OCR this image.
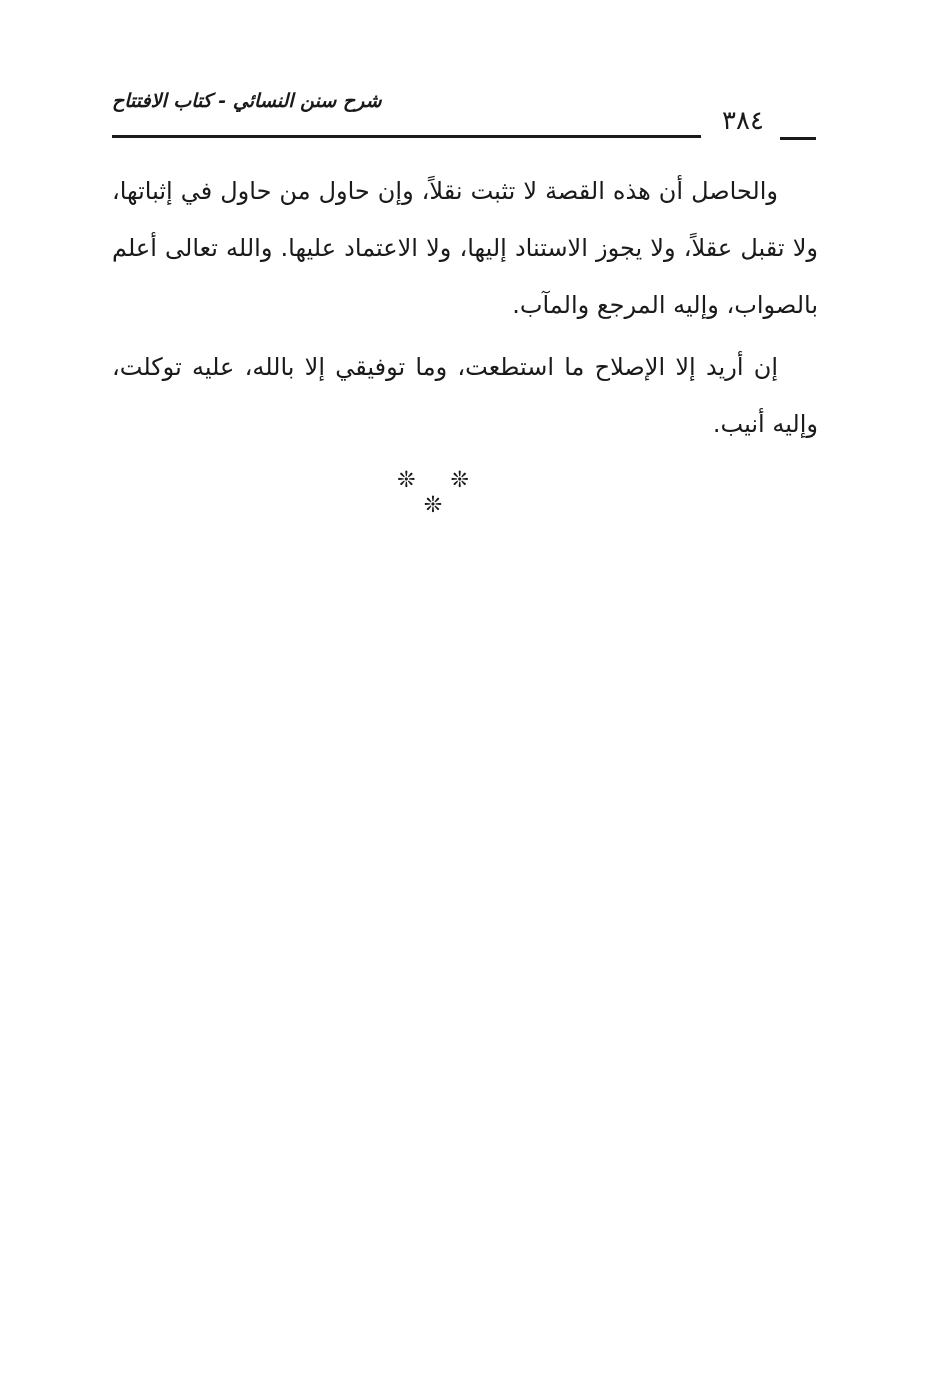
شرح سنن النسائي - كتاب الافتتاح
٣٨٤

والحاصل أن هذه القصة لا تثبت نقلاً، وإن حاول من حاول في إثباتها، ولا تقبل عقلاً، ولا يجوز الاستناد إليها، ولا الاعتماد عليها. والله تعالى أعلم بالصواب، وإليه المرجع والمآب.

إن أريد إلا الإصلاح ما استطعت، وما توفيقي إلا بالله، عليه توكلت، وإليه أنيب.

❊ ❊ ❊
